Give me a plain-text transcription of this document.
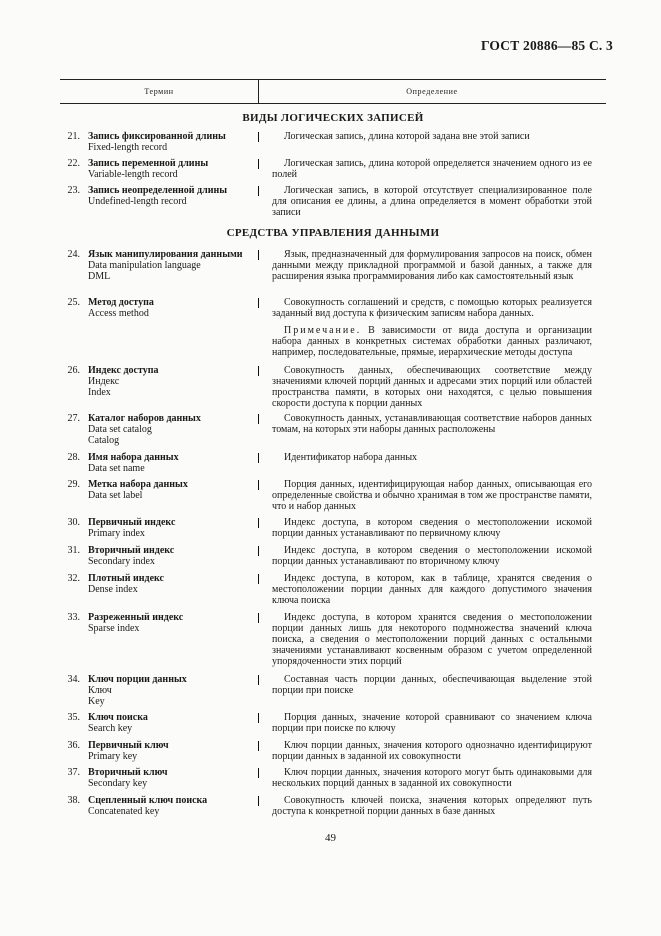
ГОСТ 20886—85 С. 3
Термин	Определение
ВИДЫ ЛОГИЧЕСКИХ ЗАПИСЕЙ
21. Запись фиксированной длины
Fixed-length record

Логическая запись, длина которой задана вне этой записи

22. Запись переменной длины
Variable-length record

Логическая запись, длина которой определяется значением одного из ее полей

23. Запись неопределенной длины
Undefined-length record

Логическая запись, в которой отсутствует специализированное поле для описания ее длины, а длина определяется в момент обработки этой записи

СРЕДСТВА УПРАВЛЕНИЯ ДАННЫМИ
24. Язык манипулирования данными
Data manipulation language
DML

Язык, предназначенный для формулирования запросов на поиск, обмен данными между прикладной программой и базой данных, а также для расширения языка программирования либо как самостоятельный язык

25. Метод доступа
Access method

Совокупность соглашений и средств, с помощью которых реализуется заданный вид доступа к физическим записям набора данных.

Примечание. В зависимости от вида доступа и организации набора данных в конкретных системах обработки данных различают, например, последовательные, прямые, иерархические методы доступа

26. Индекс доступа
Индекс
Index

Совокупность данных, обеспечивающих соответствие между значениями ключей порций данных и адресами этих порций или областей пространства памяти, в которых они находятся, с целью повышения скорости доступа к порции данных

27. Каталог наборов данных
Data set catalog
Catalog

Совокупность данных, устанавливающая соответствие наборов данных томам, на которых эти наборы данных расположены

28. Имя набора данных
Data set name

Идентификатор набора данных

29. Метка набора данных
Data set label

Порция данных, идентифицирующая набор данных, описывающая его определенные свойства и обычно хранимая в том же пространстве памяти, что и набор данных

30. Первичный индекс
Primary index

Индекс доступа, в котором сведения о местоположении искомой порции данных устанавливают по первичному ключу

31. Вторичный индекс
Secondary index

Индекс доступа, в котором сведения о местоположении искомой порции данных устанавливают по вторичному ключу

32. Плотный индекс
Dense index

Индекс доступа, в котором, как в таблице, хранятся сведения о местоположении порции данных для каждого допустимого значения ключа поиска

33. Разреженный индекс
Sparse index

Индекс доступа, в котором хранятся сведения о местоположении порции данных лишь для некоторого подмножества значений ключа поиска, а сведения о местоположении порций данных с остальными значениями устанавливают косвенным образом с учетом определенной упорядоченности этих порций

34. Ключ порции данных
Ключ
Key

Составная часть порции данных, обеспечивающая выделение этой порции при поиске

35. Ключ поиска
Search key

Порция данных, значение которой сравнивают со значением ключа порции при поиске по ключу

36. Первичный ключ
Primary key

Ключ порции данных, значения которого однозначно идентифицируют порции данных в заданной их совокупности

37. Вторичный ключ
Secondary key

Ключ порции данных, значения которого могут быть одинаковыми для нескольких порций данных в заданной их совокупности

38. Сцепленный ключ поиска
Concatenated key

Совокупность ключей поиска, значения которых определяют путь доступа к конкретной порции данных в базе данных

49
